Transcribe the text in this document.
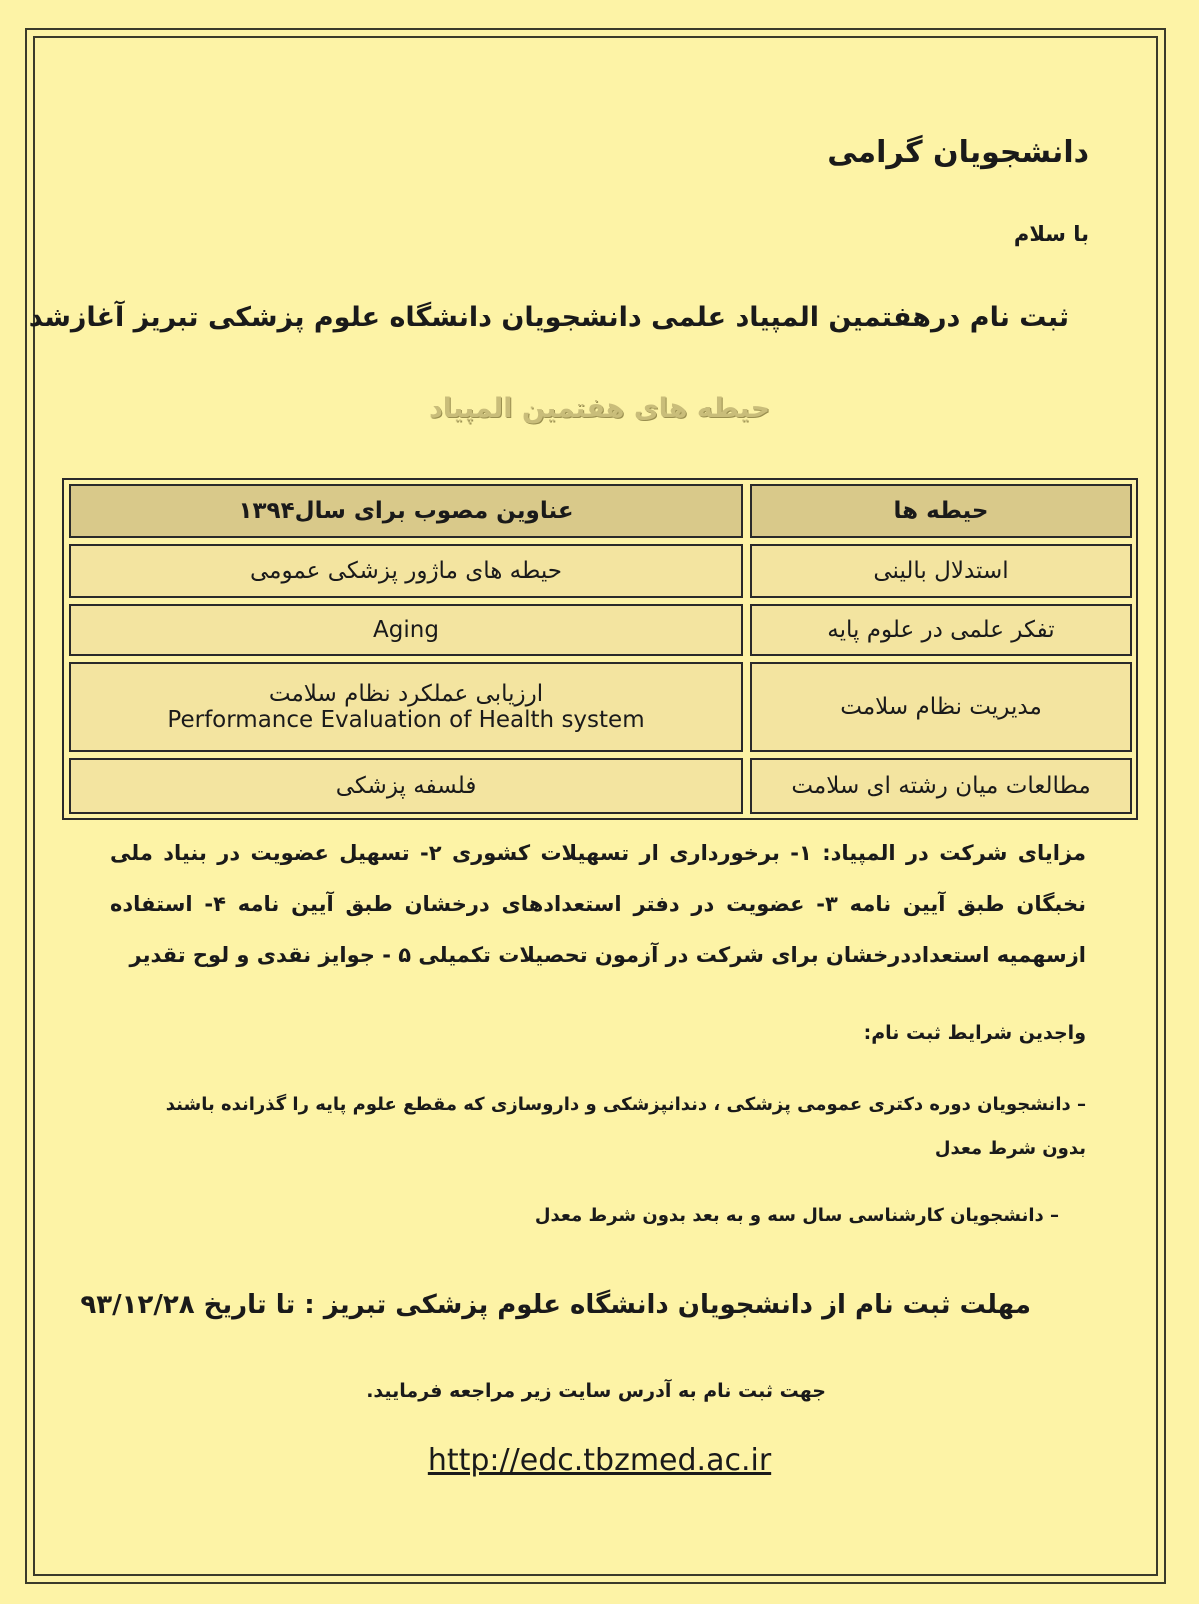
دانشجویان گرامی
با سلام
ثبت نام درهفتمین المپیاد علمی دانشجویان دانشگاه علوم پزشکی تبریز آغازشد
حیطه های هفتمین المپیاد
حیطه ها
عناوین مصوب برای سال۱۳۹۴
استدلال بالینی
حیطه های ماژور پزشکی عمومی
تفکر علمی در علوم پایه
Aging
مدیریت نظام سلامت
ارزیابی عملکرد نظام سلامت
Performance Evaluation of Health system
مطالعات میان رشته ای سلامت
فلسفه پزشکی
مزایای شرکت در المپیاد: ۱- برخورداری ار تسهیلات کشوری ۲- تسهیل عضویت در بنیاد ملی نخبگان طبق آیین نامه ۳- عضویت در دفتر استعدادهای درخشان طبق آیین نامه ۴- استفاده ازسهمیه استعداددرخشان برای شرکت در آزمون تحصیلات تکمیلی ۵ - جوایز نقدی و لوح تقدیر
واجدین شرایط ثبت نام:
– دانشجویان دوره دکتری عمومی پزشکی ، دندانپزشکی و داروسازی که مقطع علوم پایه را گذرانده باشند بدون شرط معدل
– دانشجویان کارشناسی سال سه و به بعد بدون شرط معدل
مهلت ثبت نام از دانشجویان دانشگاه علوم پزشکی تبریز : تا تاریخ ۹۳/۱۲/۲۸
جهت ثبت نام به آدرس سایت زیر مراجعه فرمایید.
http://edc.tbzmed.ac.ir
